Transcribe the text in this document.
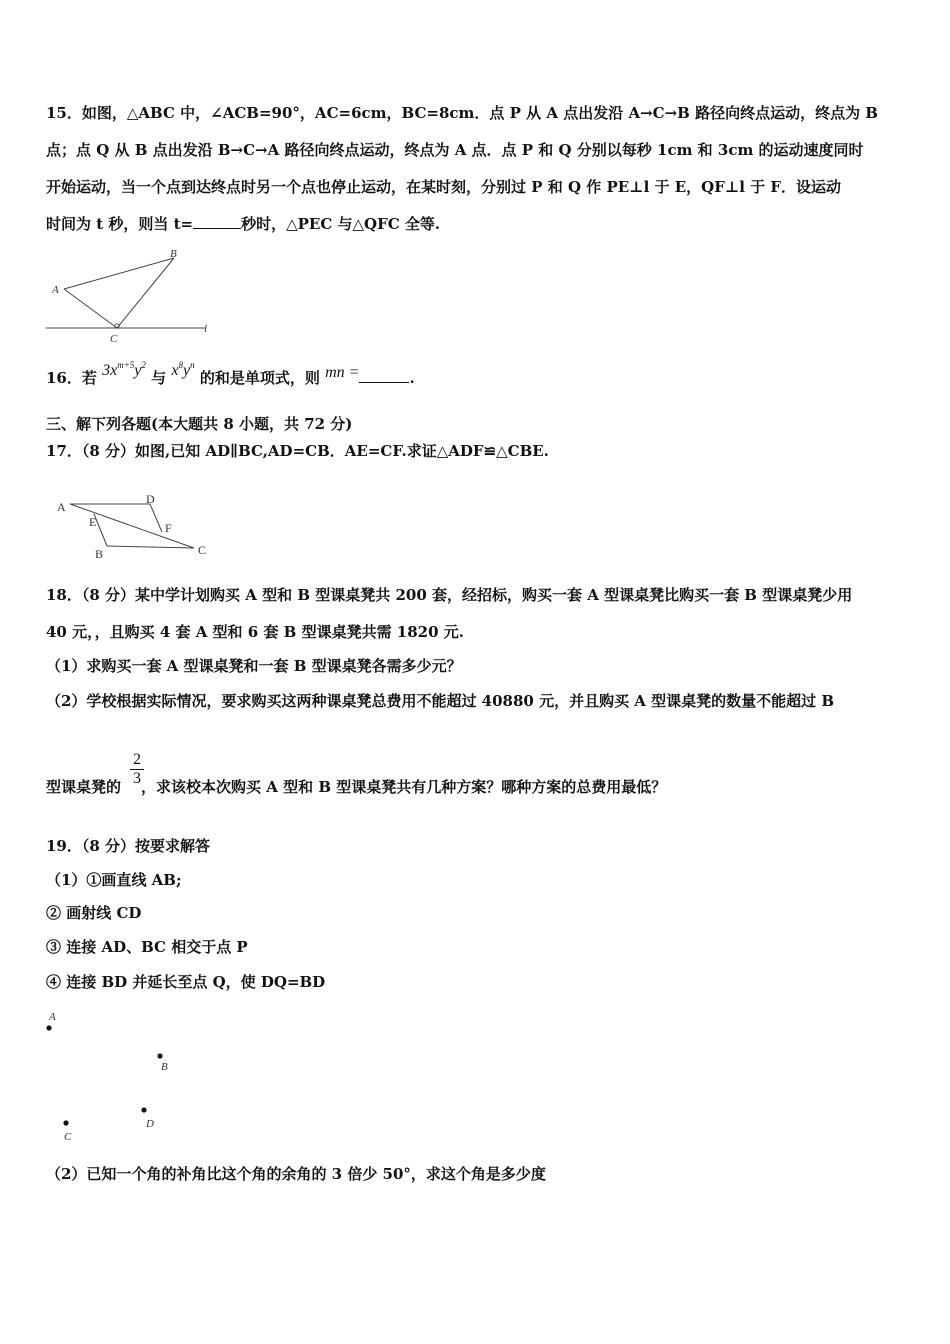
15．如图，△ABC 中，∠ACB=90°，AC=6cm，BC=8cm．点 P 从 A 点出发沿 A→C→B 路径向终点运动，终点为 B
点；点 Q 从 B 点出发沿 B→C→A 路径向终点运动，终点为 A 点．点 P 和 Q 分别以每秒 1cm 和 3cm 的运动速度同时
开始运动，当一个点到达终点时另一个点也停止运动，在某时刻，分别过 P 和 Q 作 PE⊥l 于 E，QF⊥l 于 F．设运动
时间为 t 秒，则当 t=	秒时，△PEC 与△QFC 全等.
A
B
C
l
16．若 $3x^{m+5}y^2$ 与 $x^8y^n$ 的和是单项式，则 mn =	.
三、解下列各题(本大题共 8 小题，共 72 分)
17．（8 分）如图,已知 AD∥BC,AD=CB．AE=CF.求证△ADF≌△CBE.
A
D
E	F
B	C
18．（8 分）某中学计划购买 A 型和 B 型课桌凳共 200 套，经招标，购买一套 A 型课桌凳比购买一套 B 型课桌凳少用
40 元，，且购买 4 套 A 型和 6 套 B 型课桌凳共需 1820 元.
（1）求购买一套 A 型课桌凳和一套 B 型课桌凳各需多少元？
（2）学校根据实际情况，要求购买这两种课桌凳总费用不能超过 40880 元，并且购买 A 型课桌凳的数量不能超过 B
$\frac{2}{3}$
型课桌凳的 ，求该校本次购买 A 型和 B 型课桌凳共有几种方案？哪种方案的总费用最低？
19．（8 分）按要求解答
（1）①画直线 AB;
② 画射线 CD
③ 连接 AD、BC 相交于点 P
④ 连接 BD 并延长至点 Q，使 DQ=BD
A
B
D
C
（2）已知一个角的补角比这个角的余角的 3 倍少 50°，求这个角是多少度
